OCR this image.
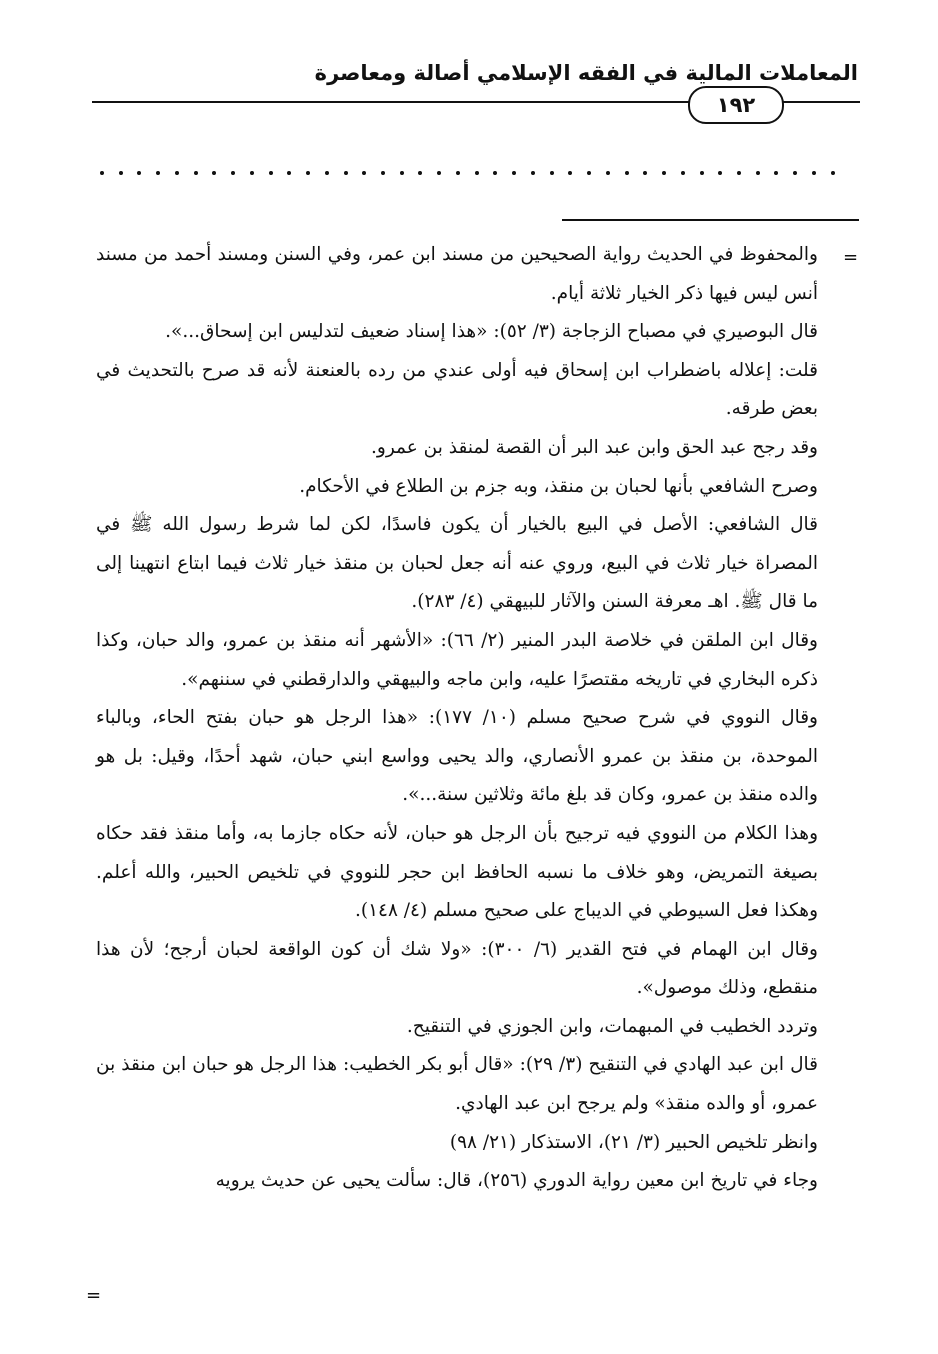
المعاملات المالية في الفقه الإسلامي أصالة ومعاصرة
١٩٢
=

والمحفوظ في الحديث رواية الصحيحين من مسند ابن عمر، وفي السنن ومسند أحمد من مسند أنس ليس فيها ذكر الخيار ثلاثة أيام.

قال البوصيري في مصباح الزجاجة (٣/ ٥٢): «هذا إسناد ضعيف لتدليس ابن إسحاق...».

قلت: إعلاله باضطراب ابن إسحاق فيه أولى عندي من رده بالعنعنة لأنه قد صرح بالتحديث في بعض طرقه.

وقد رجح عبد الحق وابن عبد البر أن القصة لمنقذ بن عمرو.

وصرح الشافعي بأنها لحبان بن منقذ، وبه جزم بن الطلاع في الأحكام.

قال الشافعي: الأصل في البيع بالخيار أن يكون فاسدًا، لكن لما شرط رسول الله ﷺ في المصراة خيار ثلاث في البيع، وروي عنه أنه جعل لحبان بن منقذ خيار ثلاث فيما ابتاع انتهينا إلى ما قال ﷺ. اهـ معرفة السنن والآثار للبيهقي (٤/ ٢٨٣).

وقال ابن الملقن في خلاصة البدر المنير (٢/ ٦٦): «الأشهر أنه منقذ بن عمرو، والد حبان، وكذا ذكره البخاري في تاريخه مقتصرًا عليه، وابن ماجه والبيهقي والدارقطني في سننهم».

وقال النووي في شرح صحيح مسلم (١٠/ ١٧٧): «هذا الرجل هو حبان بفتح الحاء، وبالباء الموحدة، بن منقذ بن عمرو الأنصاري، والد يحيى وواسع ابني حبان، شهد أحدًا، وقيل: بل هو والده منقذ بن عمرو، وكان قد بلغ مائة وثلاثين سنة...».

وهذا الكلام من النووي فيه ترجيح بأن الرجل هو حبان، لأنه حكاه جازما به، وأما منقذ فقد حكاه بصيغة التمريض، وهو خلاف ما نسبه الحافظ ابن حجر للنووي في تلخيص الحبير، والله أعلم. وهكذا فعل السيوطي في الديباج على صحيح مسلم (٤/ ١٤٨).

وقال ابن الهمام في فتح القدير (٦/ ٣٠٠): «ولا شك أن كون الواقعة لحبان أرجح؛ لأن هذا منقطع، وذلك موصول».

وتردد الخطيب في المبهمات، وابن الجوزي في التنقيح.

قال ابن عبد الهادي في التنقيح (٣/ ٢٩): «قال أبو بكر الخطيب: هذا الرجل هو حبان ابن منقذ بن عمرو، أو والده منقذ» ولم يرجح ابن عبد الهادي.

وانظر تلخيص الحبير (٣/ ٢١)، الاستذكار (٢١/ ٩٨)

وجاء في تاريخ ابن معين رواية الدوري (٢٥٦)، قال: سألت يحيى عن حديث يرويه

=
